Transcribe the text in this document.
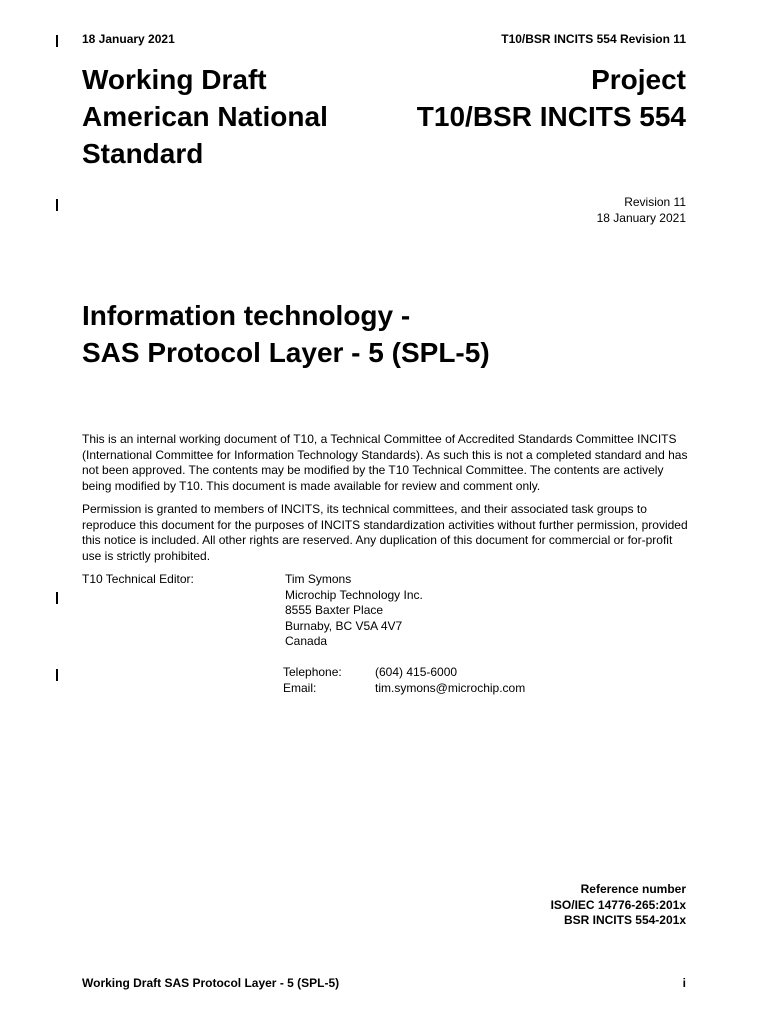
18 January 2021	T10/BSR INCITS 554 Revision 11
Working Draft
American National
Standard
Project
T10/BSR INCITS 554
Revision 11
18 January 2021
Information technology -
SAS Protocol Layer - 5 (SPL-5)
This is an internal working document of T10, a Technical Committee of Accredited Standards Committee INCITS (International Committee for Information Technology Standards). As such this is not a completed standard and has not been approved. The contents may be modified by the T10 Technical Committee. The contents are actively being modified by T10. This document is made available for review and comment only.
Permission is granted to members of INCITS, its technical committees, and their associated task groups to reproduce this document for the purposes of INCITS standardization activities without further permission, provided this notice is included. All other rights are reserved. Any duplication of this document for commercial or for-profit use is strictly prohibited.
T10 Technical Editor:	Tim Symons
Microchip Technology Inc.
8555 Baxter Place
Burnaby, BC V5A 4V7
Canada
Telephone:	(604) 415-6000
Email:	tim.symons@microchip.com
Reference number
ISO/IEC 14776-265:201x
BSR INCITS 554-201x
Working Draft SAS Protocol Layer - 5 (SPL-5)	i
